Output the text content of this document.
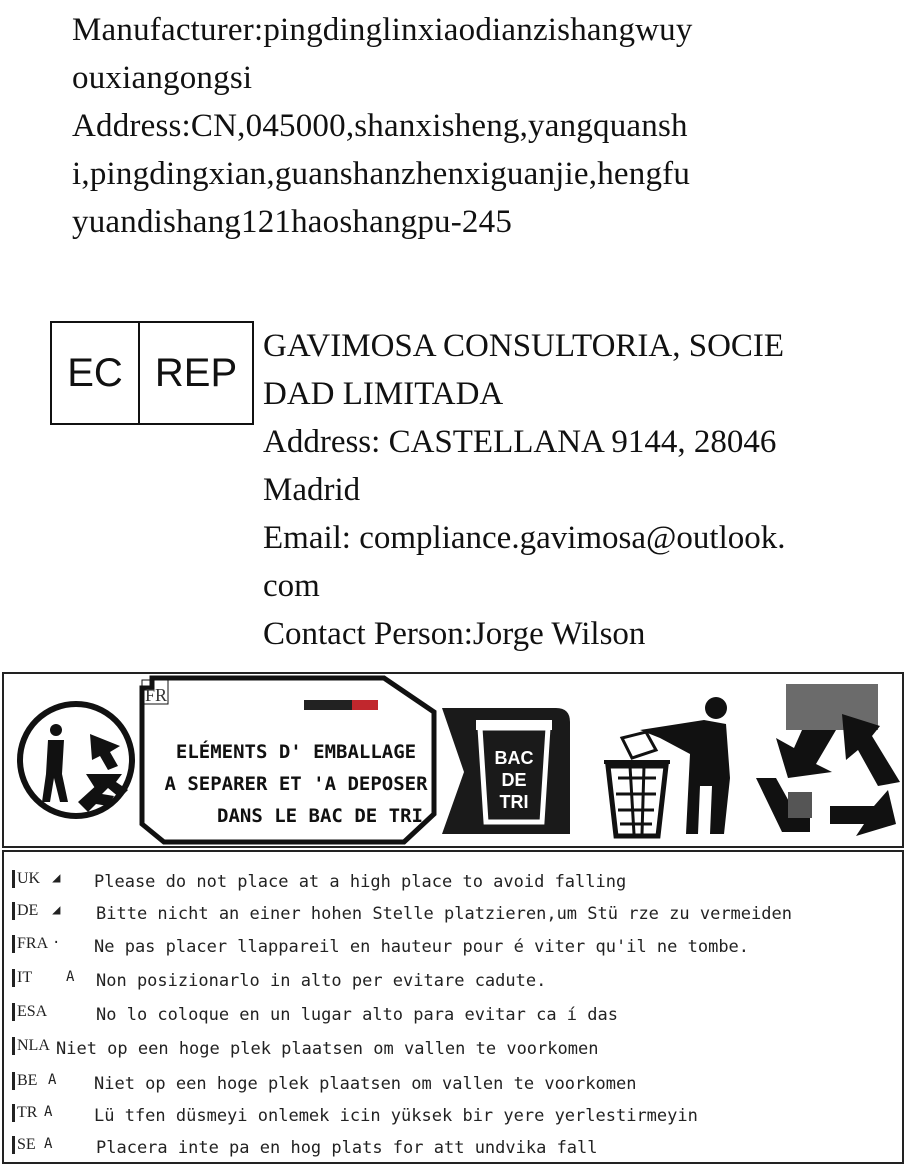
Manufacturer:pingdinglinxiaodianzishangwuy
ouxiangongsi
Address:CN,045000,shanxisheng,yangquansh
i,pingdingxian,guanshanzhenxiguanjie,hengfu
yuandishang121haoshangpu-245
EC REP
GAVIMOSA CONSULTORIA, SOCIE
DAD LIMITADA
Address: CASTELLANA 9144, 28046
Madrid
Email: compliance.gavimosa@outlook.
com
Contact Person:Jorge Wilson
FR
ELÉMENTS D' EMBALLAGE
A SEPARER ET 'A DEPOSER
DANS LE BAC DE TRI
BAC
DE
TRI
UK ◢ Please do not place at a high place to avoid falling
DE ◢ Bitte nicht an einer hohen Stelle platzieren,um Stü rze zu vermeiden
FRA · Ne pas placer llappareil en hauteur pour é viter qu'il ne tombe.
IT A Non posizionarlo in alto per evitare cadute.
ESA	No lo coloque en un lugar alto para evitar ca í das
NLA Niet op een hoge plek plaatsen om vallen te voorkomen
BE A Niet op een hoge plek plaatsen om vallen te voorkomen
TR A Lü tfen düsmeyi onlemek icin yüksek bir yere yerlestirmeyin
SE A	Placera inte pa en hog plats for att undvika fall
